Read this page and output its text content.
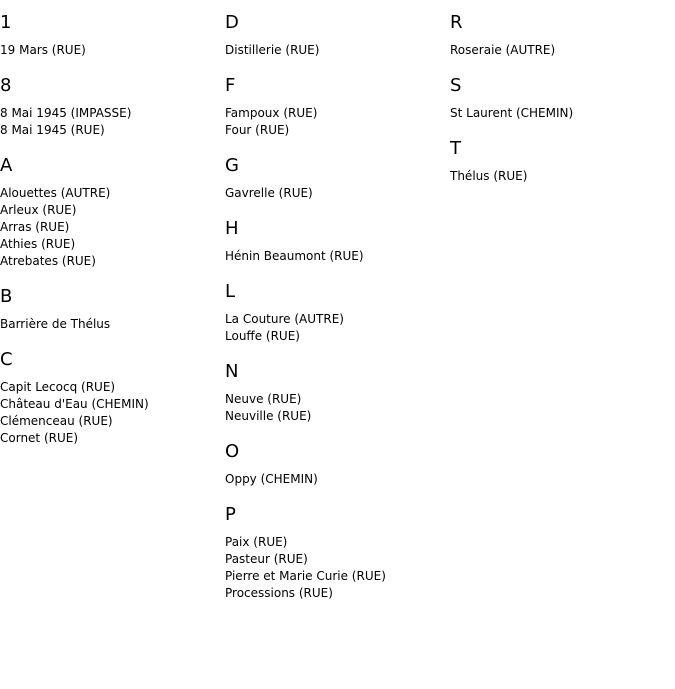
1
19 Mars (RUE)
8
8 Mai 1945 (IMPASSE)
8 Mai 1945 (RUE)
A
Alouettes (AUTRE)
Arleux (RUE)
Arras (RUE)
Athies (RUE)
Atrebates (RUE)
B
Barrière de Thélus
C
Capit Lecocq (RUE)
Château d'Eau (CHEMIN)
Clémenceau (RUE)
Cornet (RUE)
D
Distillerie (RUE)
F
Fampoux (RUE)
Four (RUE)
G
Gavrelle (RUE)
H
Hénin Beaumont (RUE)
L
La Couture (AUTRE)
Louffe (RUE)
N
Neuve (RUE)
Neuville (RUE)
O
Oppy (CHEMIN)
P
Paix (RUE)
Pasteur (RUE)
Pierre et Marie Curie (RUE)
Processions (RUE)
R
Roseraie (AUTRE)
S
St Laurent (CHEMIN)
T
Thélus (RUE)
